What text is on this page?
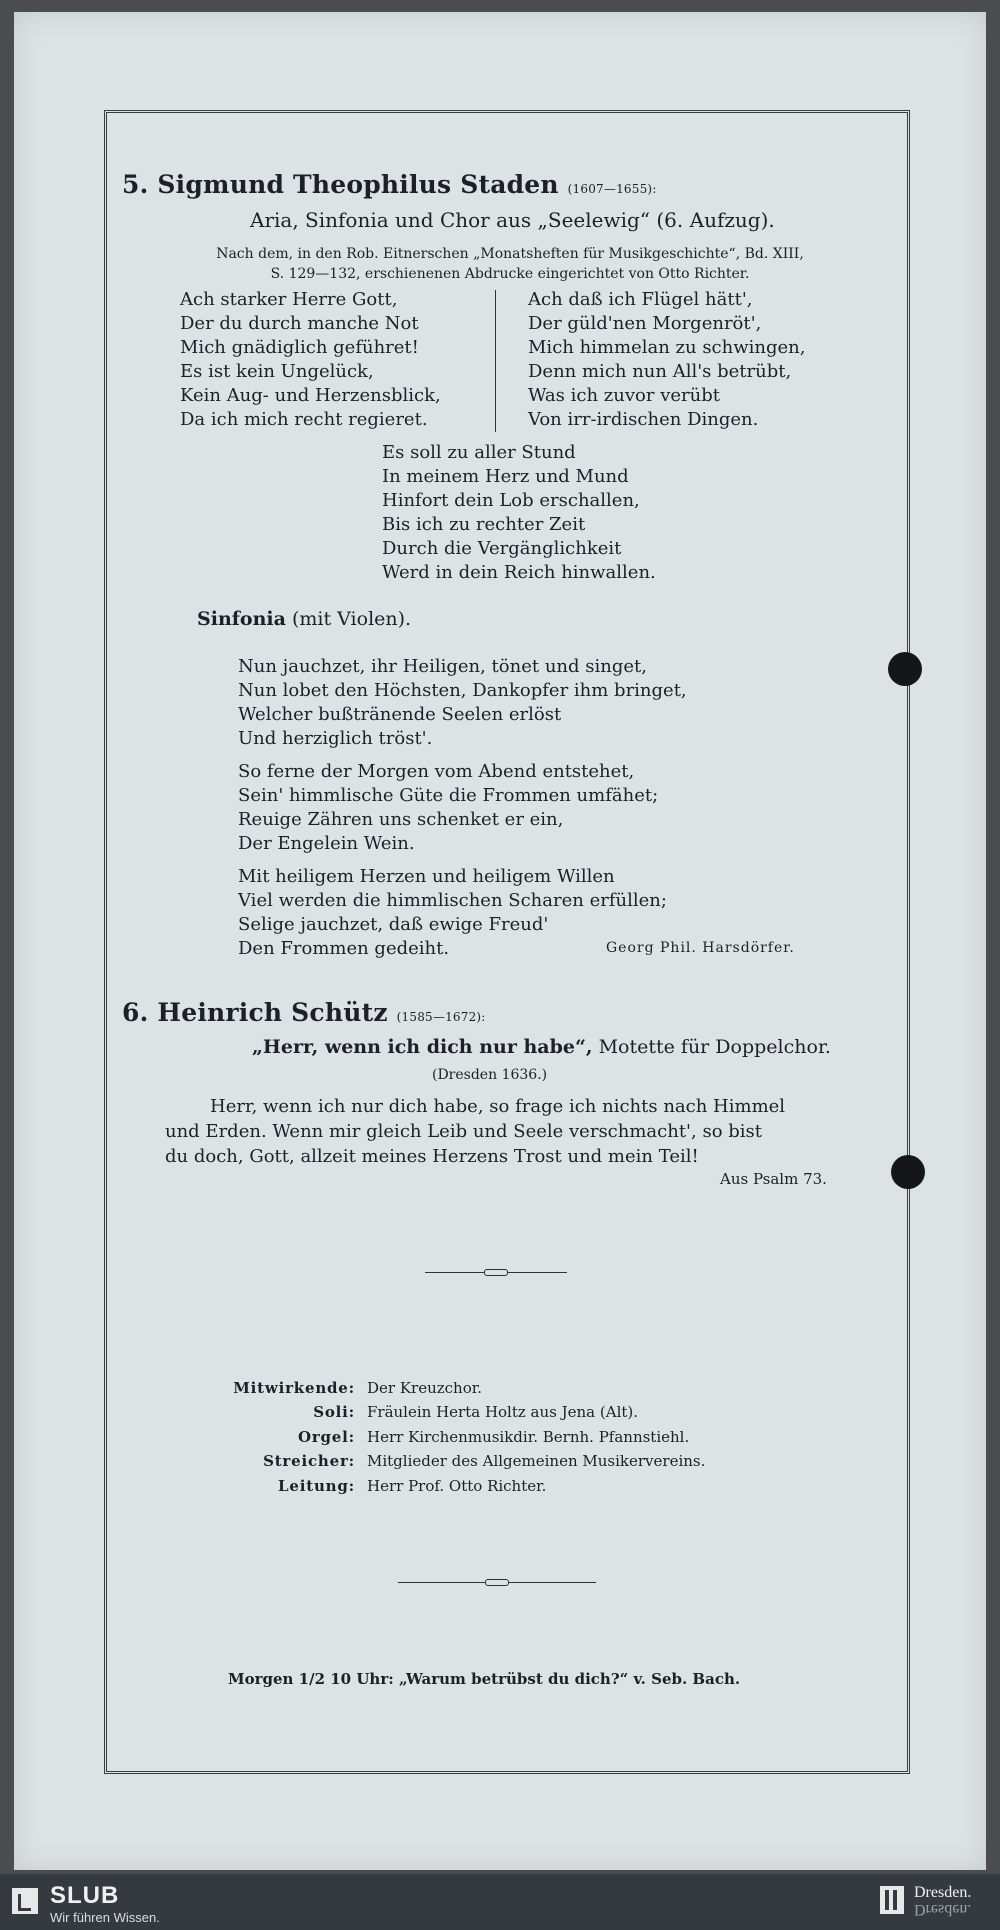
5. Sigmund Theophilus Staden (1607—1655):
Aria, Sinfonia und Chor aus „Seelewig“ (6. Aufzug).
Nach dem, in den Rob. Eitnerschen „Monatsheften für Musikgeschichte“, Bd. XIII,
S. 129—132, erschienenen Abdrucke eingerichtet von Otto Richter.
Ach starker Herre Gott,
Der du durch manche Not
Mich gnädiglich geführet!
Es ist kein Ungelück,
Kein Aug- und Herzensblick,
Da ich mich recht regieret.
Ach daß ich Flügel hätt',
Der güld'nen Morgenröt',
Mich himmelan zu schwingen,
Denn mich nun All's betrübt,
Was ich zuvor verübt
Von irr-irdischen Dingen.
Es soll zu aller Stund
In meinem Herz und Mund
Hinfort dein Lob erschallen,
Bis ich zu rechter Zeit
Durch die Vergänglichkeit
Werd in dein Reich hinwallen.
Sinfonia (mit Violen).
Nun jauchzet, ihr Heiligen, tönet und singet,
Nun lobet den Höchsten, Dankopfer ihm bringet,
Welcher bußtränende Seelen erlöst
Und herziglich tröst'.
So ferne der Morgen vom Abend entstehet,
Sein' himmlische Güte die Frommen umfähet;
Reuige Zähren uns schenket er ein,
Der Engelein Wein.
Mit heiligem Herzen und heiligem Willen
Viel werden die himmlischen Scharen erfüllen;
Selige jauchzet, daß ewige Freud'
Den Frommen gedeiht.	Georg Phil. Harsdörfer.
6. Heinrich Schütz (1585—1672):
„Herr, wenn ich dich nur habe“, Motette für Doppelchor.
(Dresden 1636.)
Herr, wenn ich nur dich habe, so frage ich nichts nach Himmel
und Erden. Wenn mir gleich Leib und Seele verschmacht', so bist
du doch, Gott, allzeit meines Herzens Trost und mein Teil!
Aus Psalm 73.
Mitwirkende: Der Kreuzchor.
Soli: Fräulein Herta Holtz aus Jena (Alt).
Orgel: Herr Kirchenmusikdir. Bernh. Pfannstiehl.
Streicher: Mitglieder des Allgemeinen Musikervereins.
Leitung: Herr Prof. Otto Richter.
Morgen 1/2 10 Uhr: „Warum betrübst du dich?“ v. Seb. Bach.
SLUB
Wir führen Wissen.
Dresden.
Dresden.
